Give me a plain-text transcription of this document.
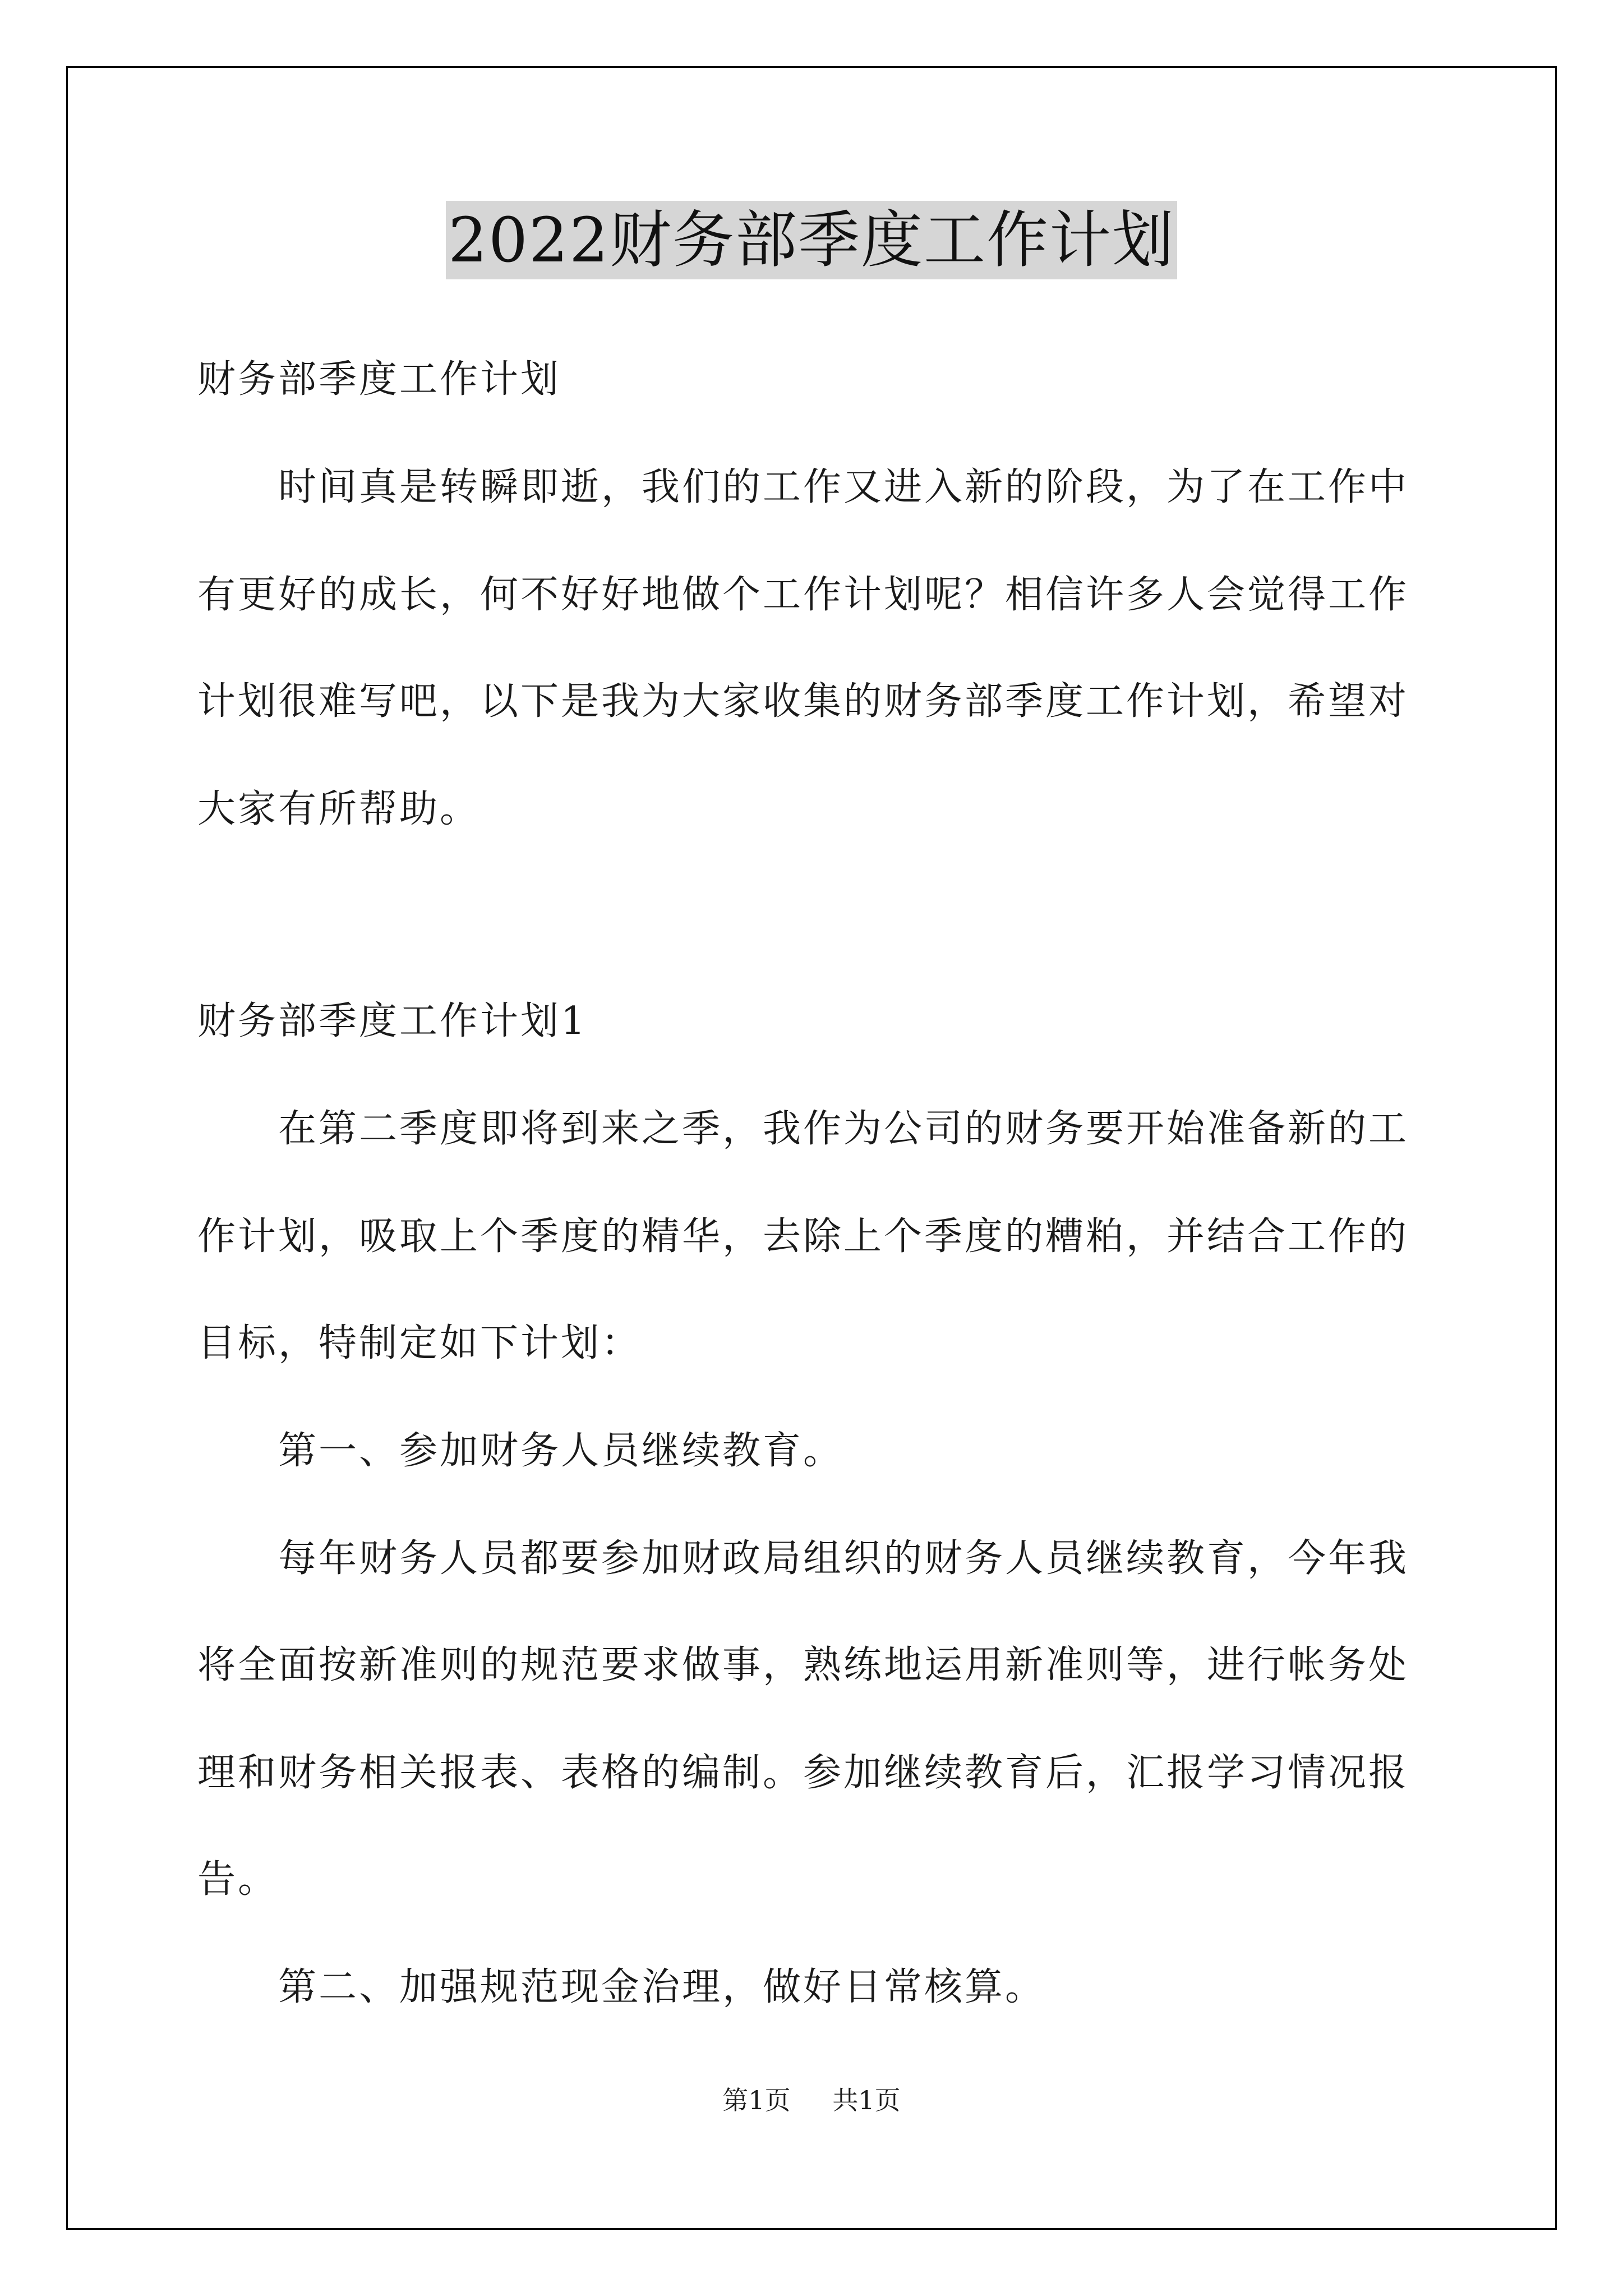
2022财务部季度工作计划
财务部季度工作计划
时间真是转瞬即逝，我们的工作又进入新的阶段，为了在工作中
有更好的成长，何不好好地做个工作计划呢？相信许多人会觉得工作
计划很难写吧，以下是我为大家收集的财务部季度工作计划，希望对
大家有所帮助。
财务部季度工作计划1
在第二季度即将到来之季，我作为公司的财务要开始准备新的工
作计划，吸取上个季度的精华，去除上个季度的糟粕，并结合工作的
目标，特制定如下计划：
第一、参加财务人员继续教育。
每年财务人员都要参加财政局组织的财务人员继续教育，今年我
将全面按新准则的规范要求做事，熟练地运用新准则等，进行帐务处
理和财务相关报表、表格的编制。参加继续教育后，汇报学习情况报
告。
第二、加强规范现金治理，做好日常核算。
第1页 共1页
